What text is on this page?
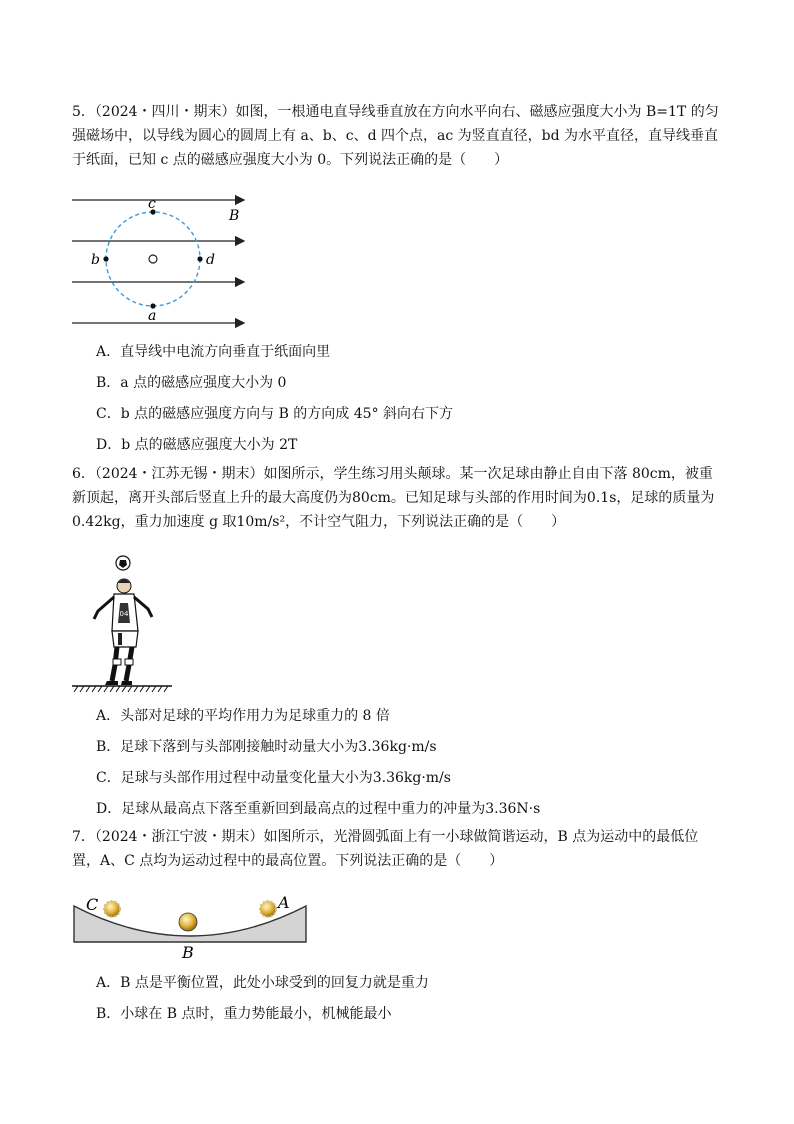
5．（2024・四川・期末）如图，一根通电直导线垂直放在方向水平向右、磁感应强度大小为 B=1T 的匀强磁场中，以导线为圆心的圆周上有 a、b、c、d 四个点，ac 为竖直直径，bd 为水平直径，直导线垂直于纸面，已知 c 点的磁感应强度大小为 0。下列说法正确的是（　　）

c
a
b	d
B

A．直导线中电流方向垂直于纸面向里

B．a 点的磁感应强度大小为 0

C．b 点的磁感应强度方向与 B 的方向成 45° 斜向右下方

D．b 点的磁感应强度大小为 2T

6．（2024・江苏无锡・期末）如图所示，学生练习用头颠球。某一次足球由静止自由下落 80cm，被重新顶起，离开头部后竖直上升的最大高度仍为80cm。已知足球与头部的作用时间为0.1s，足球的质量为0.42kg，重力加速度 g 取10m/s²，不计空气阻力，下列说法正确的是（　　）

04

A．头部对足球的平均作用力为足球重力的 8 倍

B．足球下落到与头部刚接触时动量大小为3.36kg·m/s

C．足球与头部作用过程中动量变化量大小为3.36kg·m/s

D．足球从最高点下落至重新回到最高点的过程中重力的冲量为3.36N·s

7．（2024・浙江宁波・期末）如图所示，光滑圆弧面上有一小球做简谐运动，B 点为运动中的最低位置，A、C 点均为运动过程中的最高位置。下列说法正确的是（　　）

C	A
B

A．B 点是平衡位置，此处小球受到的回复力就是重力

B．小球在 B 点时，重力势能最小，机械能最小
